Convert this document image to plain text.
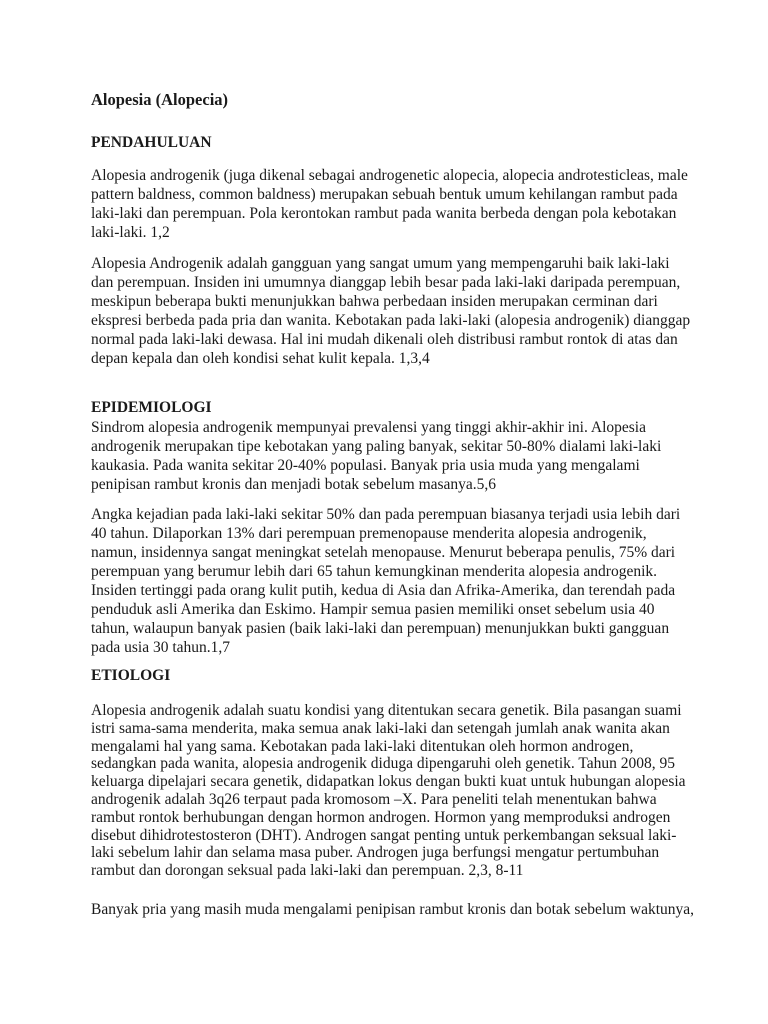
Alopesia (Alopecia)
PENDAHULUAN
Alopesia androgenik (juga dikenal sebagai androgenetic alopecia, alopecia androtesticleas, male
pattern baldness, common baldness) merupakan sebuah bentuk umum kehilangan rambut pada
laki-laki dan perempuan. Pola kerontokan rambut pada wanita berbeda dengan pola kebotakan
laki-laki. 1,2
Alopesia Androgenik adalah gangguan yang sangat umum yang mempengaruhi baik laki-laki
dan perempuan. Insiden ini umumnya dianggap lebih besar pada laki-laki daripada perempuan,
meskipun beberapa bukti menunjukkan bahwa perbedaan insiden merupakan cerminan dari
ekspresi berbeda pada pria dan wanita. Kebotakan pada laki-laki (alopesia androgenik) dianggap
normal pada laki-laki dewasa. Hal ini mudah dikenali oleh distribusi rambut rontok di atas dan
depan kepala dan oleh kondisi sehat kulit kepala. 1,3,4
EPIDEMIOLOGI
Sindrom alopesia androgenik mempunyai prevalensi yang tinggi akhir-akhir ini. Alopesia
androgenik merupakan tipe kebotakan yang paling banyak, sekitar 50-80% dialami laki-laki
kaukasia. Pada wanita sekitar 20-40% populasi. Banyak pria usia muda yang mengalami
penipisan rambut kronis dan menjadi botak sebelum masanya.5,6
Angka kejadian pada laki-laki sekitar 50% dan pada perempuan biasanya terjadi usia lebih dari
40 tahun. Dilaporkan 13% dari perempuan premenopause menderita alopesia androgenik,
namun, insidennya sangat meningkat setelah menopause. Menurut beberapa penulis, 75% dari
perempuan yang berumur lebih dari 65 tahun kemungkinan menderita alopesia androgenik.
Insiden tertinggi pada orang kulit putih, kedua di Asia dan Afrika-Amerika, dan terendah pada
penduduk asli Amerika dan Eskimo. Hampir semua pasien memiliki onset sebelum usia 40
tahun, walaupun banyak pasien (baik laki-laki dan perempuan) menunjukkan bukti gangguan
pada usia 30 tahun.1,7
ETIOLOGI
Alopesia androgenik adalah suatu kondisi yang ditentukan secara genetik. Bila pasangan suami
istri sama-sama menderita, maka semua anak laki-laki dan setengah jumlah anak wanita akan
mengalami hal yang sama. Kebotakan pada laki-laki ditentukan oleh hormon androgen,
sedangkan pada wanita, alopesia androgenik diduga dipengaruhi oleh genetik. Tahun 2008, 95
keluarga dipelajari secara genetik, didapatkan lokus dengan bukti kuat untuk hubungan alopesia
androgenik adalah 3q26 terpaut pada kromosom –X. Para peneliti telah menentukan bahwa
rambut rontok berhubungan dengan hormon androgen. Hormon yang memproduksi androgen
disebut dihidrotestosteron (DHT). Androgen sangat penting untuk perkembangan seksual laki-
laki sebelum lahir dan selama masa puber. Androgen juga berfungsi mengatur pertumbuhan
rambut dan dorongan seksual pada laki-laki dan perempuan. 2,3, 8-11
Banyak pria yang masih muda mengalami penipisan rambut kronis dan botak sebelum waktunya,
